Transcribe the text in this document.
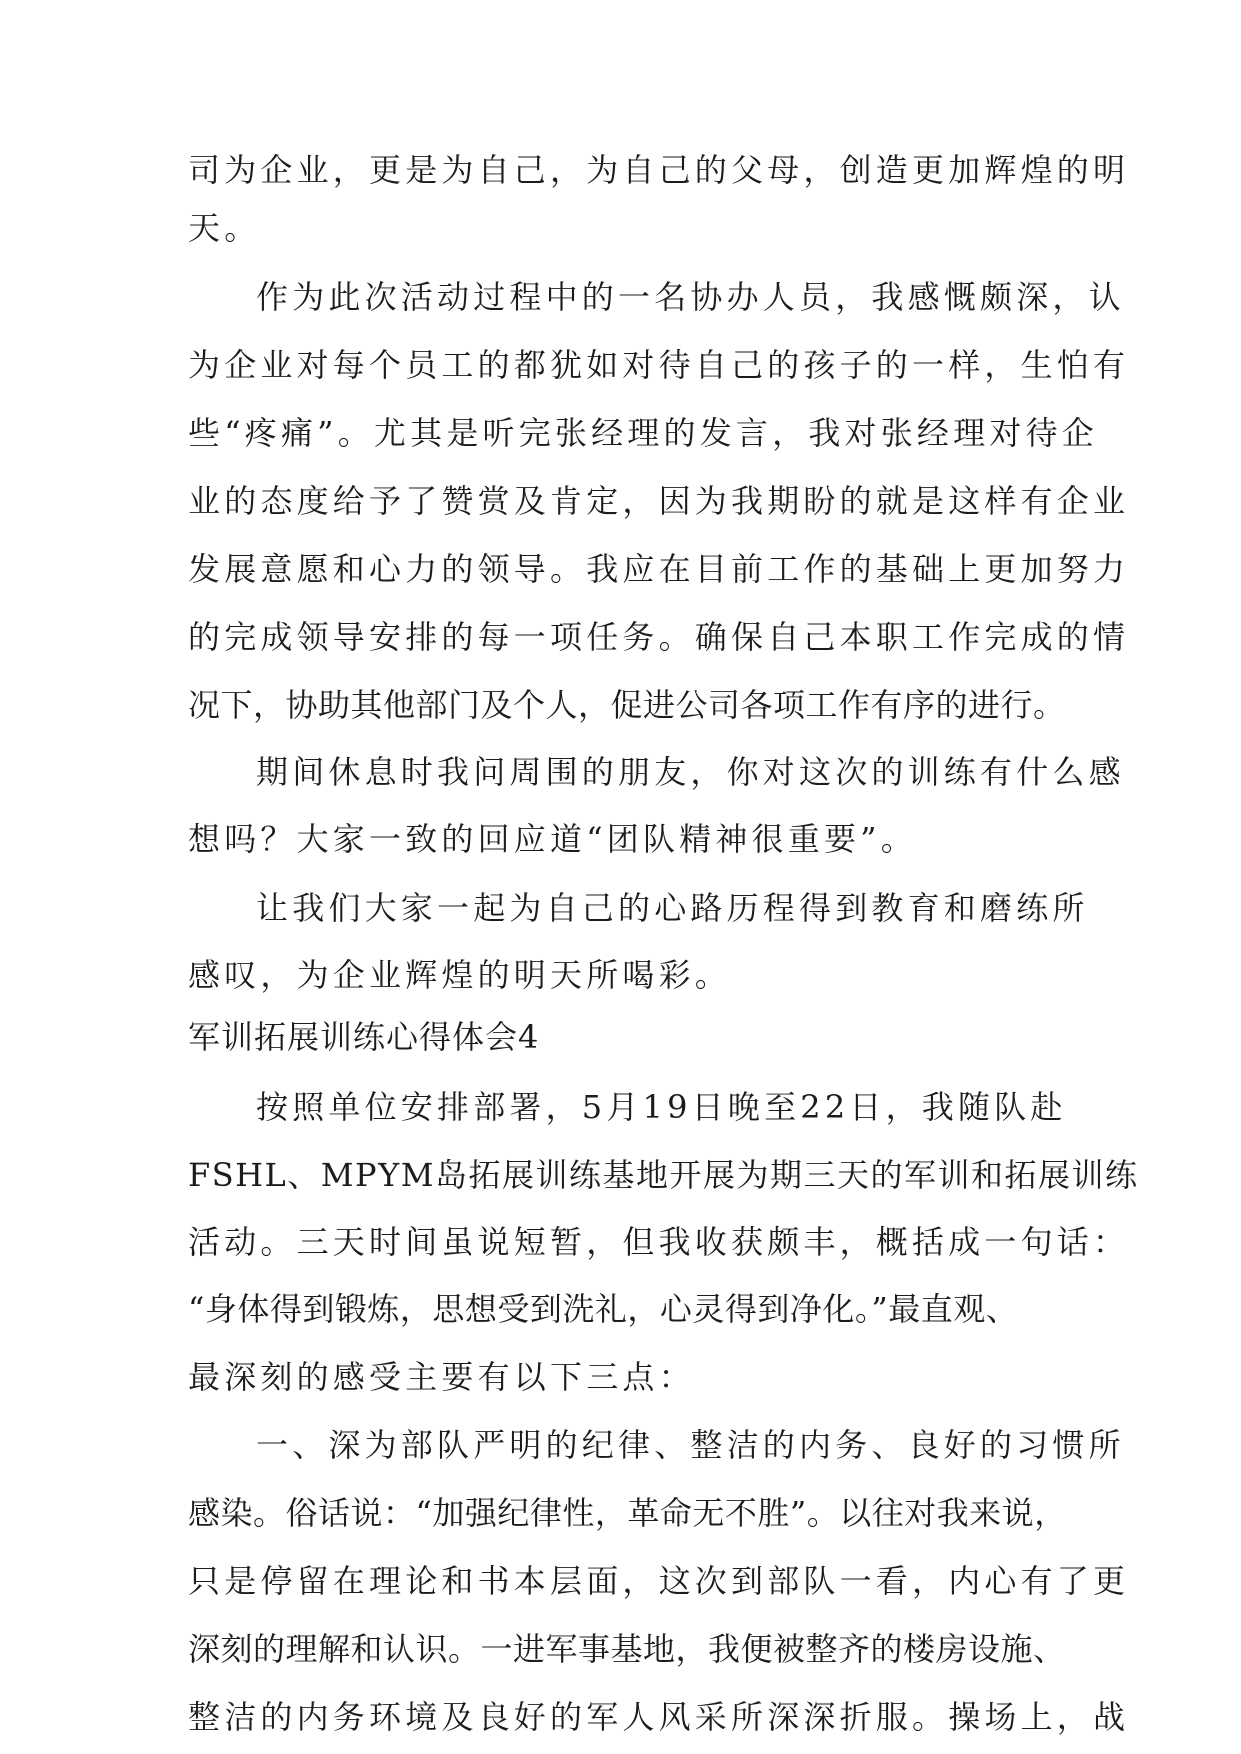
司为企业，更是为自己，为自己的父母，创造更加辉煌的明

天。

作为此次活动过程中的一名协办人员，我感慨颇深，认

为企业对每个员工的都犹如对待自己的孩子的一样，生怕有

些“疼痛”。尤其是听完张经理的发言，我对张经理对待企

业的态度给予了赞赏及肯定，因为我期盼的就是这样有企业

发展意愿和心力的领导。我应在目前工作的基础上更加努力

的完成领导安排的每一项任务。确保自己本职工作完成的情

况下，协助其他部门及个人，促进公司各项工作有序的进行。

期间休息时我问周围的朋友，你对这次的训练有什么感

想吗？大家一致的回应道“团队精神很重要”。

让我们大家一起为自己的心路历程得到教育和磨练所

感叹，为企业辉煌的明天所喝彩。

军训拓展训练心得体会4

按照单位安排部署，5月19日晚至22日，我随队赴

FSHL、MPYM岛拓展训练基地开展为期三天的军训和拓展训练

活动。三天时间虽说短暂，但我收获颇丰，概括成一句话：

“身体得到锻炼，思想受到洗礼，心灵得到净化。”最直观、

最深刻的感受主要有以下三点：

一、深为部队严明的纪律、整洁的内务、良好的习惯所

感染。俗话说：“加强纪律性，革命无不胜”。以往对我来说，

只是停留在理论和书本层面，这次到部队一看，内心有了更

深刻的理解和认识。一进军事基地，我便被整齐的楼房设施、

整洁的内务环境及良好的军人风采所深深折服。操场上，战
